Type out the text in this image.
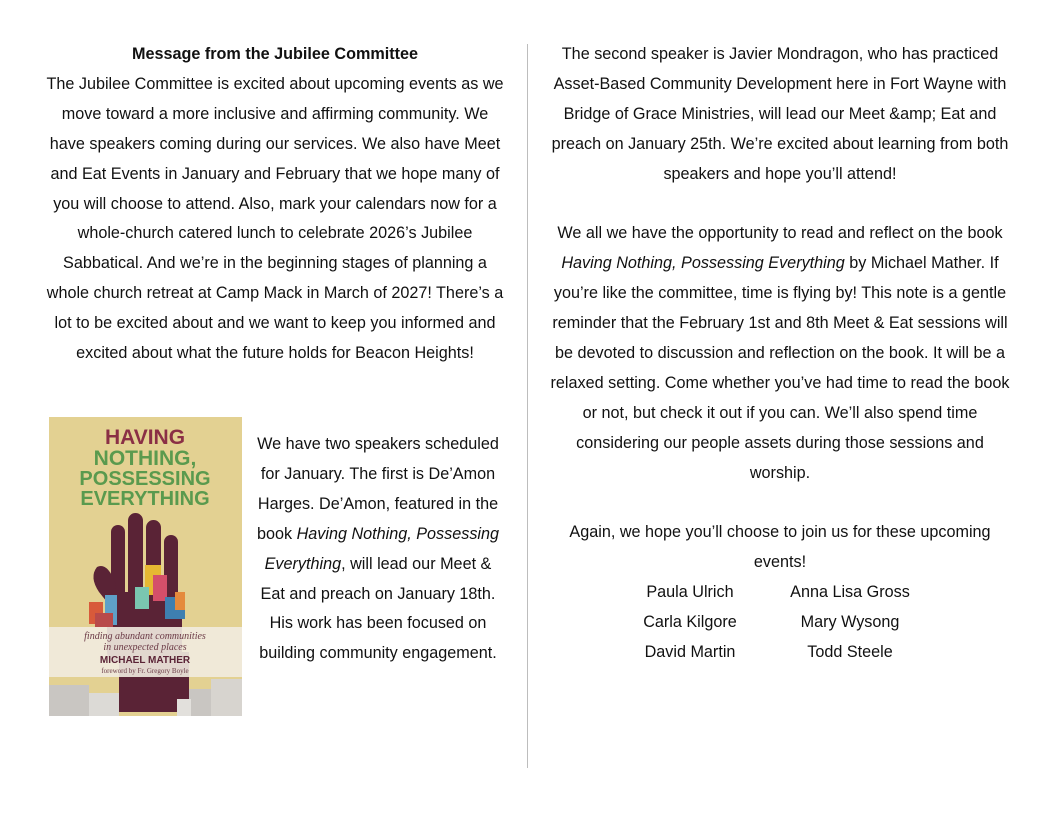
Message from the Jubilee Committee
The Jubilee Committee is excited about upcoming events as we move toward a more inclusive and affirming community. We have speakers coming during our services. We also have Meet and Eat Events in January and February that we hope many of you will choose to attend. Also, mark your calendars now for a whole-church catered lunch to celebrate 2026’s Jubilee Sabbatical. And we’re in the beginning stages of planning a whole church retreat at Camp Mack in March of 2027! There’s a lot to be excited about and we want to keep you informed and excited about what the future holds for Beacon Heights!
HAVING
NOTHING,
POSSESSING
EVERYTHING
finding abundant communities
in unexpected places
MICHAEL MATHER
foreword by Fr. Gregory Boyle
We have two speakers scheduled for January. The first is De’Amon Harges. De’Amon, featured in the book Having Nothing, Possessing Everything, will lead our Meet & Eat and preach on January 18th. His work has been focused on building community engagement.
The second speaker is Javier Mondragon, who has practiced Asset-Based Community Development here in Fort Wayne with Bridge of Grace Ministries, will lead our Meet &amp; Eat and preach on January 25th. We’re excited about learning from both speakers and hope you’ll attend!
We all we have the opportunity to read and reflect on the book Having Nothing, Possessing Everything by Michael Mather. If you’re like the committee, time is flying by! This note is a gentle reminder that the February 1st and 8th Meet & Eat sessions will be devoted to discussion and reflection on the book. It will be a relaxed setting. Come whether you’ve had time to read the book or not, but check it out if you can. We’ll also spend time considering our people assets during those sessions and worship.
Again, we hope you’ll choose to join us for these upcoming events!
Paula Ulrich	Anna Lisa Gross
Carla Kilgore	Mary Wysong
David Martin	Todd Steele
